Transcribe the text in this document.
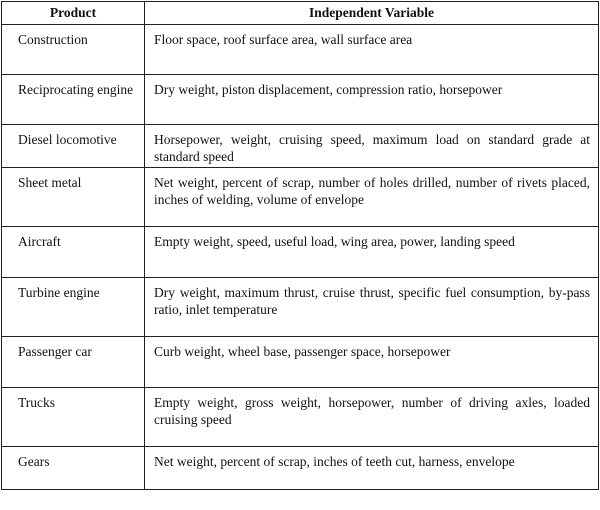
Product	Independent Variable
Construction	Floor space, roof surface area, wall surface area
Reciprocating engine	Dry weight, piston displacement, compression ratio, horsepower
Diesel locomotive	Horsepower, weight, cruising speed, maximum load on standard grade at standard speed
Sheet metal	Net weight, percent of scrap, number of holes drilled, number of rivets placed, inches of welding, volume of envelope
Aircraft	Empty weight, speed, useful load, wing area, power, landing speed
Turbine engine	Dry weight, maximum thrust, cruise thrust, specific fuel consumption, by-pass ratio, inlet temperature
Passenger car	Curb weight, wheel base, passenger space, horsepower
Trucks	Empty weight, gross weight, horsepower, number of driving axles, loaded cruising speed
Gears	Net weight, percent of scrap, inches of teeth cut, harness, envelope
